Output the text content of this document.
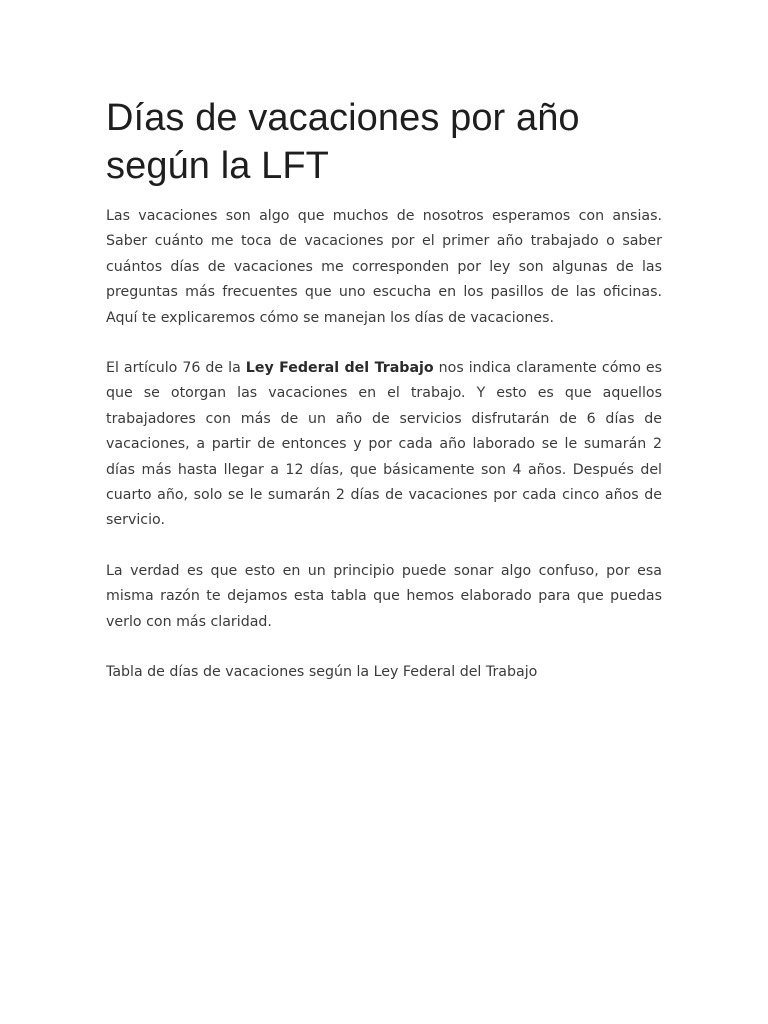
Días de vacaciones por año según la LFT

Las vacaciones son algo que muchos de nosotros esperamos con ansias. Saber cuánto me toca de vacaciones por el primer año trabajado o saber cuántos días de vacaciones me corresponden por ley son algunas de las preguntas más frecuentes que uno escucha en los pasillos de las oficinas. Aquí te explicaremos cómo se manejan los días de vacaciones.

El artículo 76 de la Ley Federal del Trabajo nos indica claramente cómo es que se otorgan las vacaciones en el trabajo. Y esto es que aquellos trabajadores con más de un año de servicios disfrutarán de 6 días de vacaciones, a partir de entonces y por cada año laborado se le sumarán 2 días más hasta llegar a 12 días, que básicamente son 4 años. Después del cuarto año, solo se le sumarán 2 días de vacaciones por cada cinco años de servicio.

La verdad es que esto en un principio puede sonar algo confuso, por esa misma razón te dejamos esta tabla que hemos elaborado para que puedas verlo con más claridad.

Tabla de días de vacaciones según la Ley Federal del Trabajo
